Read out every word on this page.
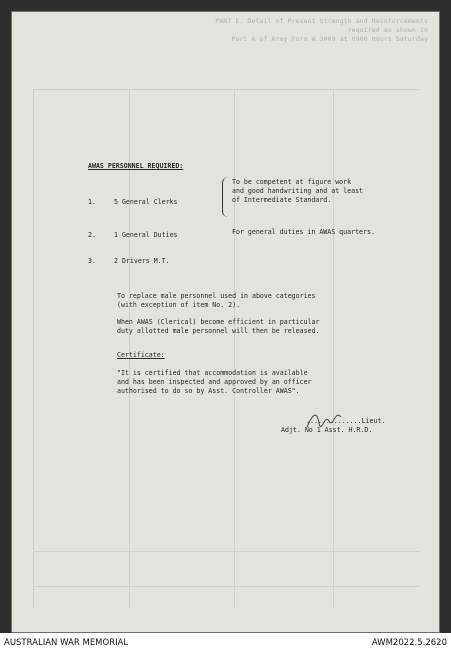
PART E. Detail of Present Strength and Reinforcements required as shown in
Part A of Army Form W.3009 at 0900 Hours Saturday
AWAS PERSONNEL REQUIRED:
1.	5 General Clerks
To be competent at figure work
and good handwriting and at least
of Intermediate Standard.
2.	1 General Duties	For general duties in AWAS quarters.
3.	2 Drivers M.T.
To replace male personnel used in above categories
(with exception of item No. 2).
When AWAS (Clerical) become efficient in particular
duty allotted male personnel will then be released.
Certificate:
"It is certified that accommodation is available
and has been inspected and approved by an officer
authorised to do so by Asst. Controller AWAS".
..............Lieut.
Adjt. No 1 Asst. H.R.D.
AUSTRALIAN WAR MEMORIAL	AWM2022.5.2620
